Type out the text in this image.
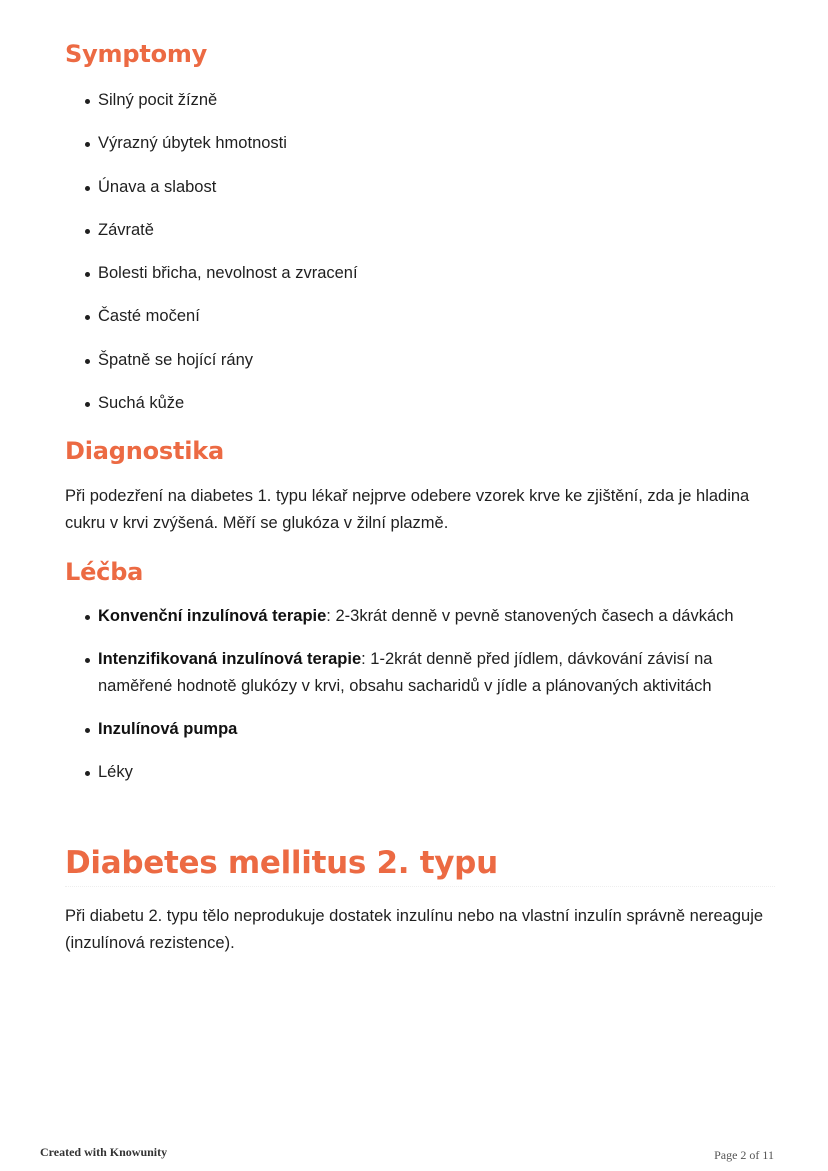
Symptomy
Silný pocit žízně
Výrazný úbytek hmotnosti
Únava a slabost
Závratě
Bolesti břicha, nevolnost a zvracení
Časté močení
Špatně se hojící rány
Suchá kůže
Diagnostika

Při podezření na diabetes 1. typu lékař nejprve odebere vzorek krve ke zjištění, zda je hladina cukru v krvi zvýšená. Měří se glukóza v žilní plazmě.

Léčba
Konvenční inzulínová terapie: 2-3krát denně v pevně stanovených časech a dávkách
Intenzifikovaná inzulínová terapie: 1-2krát denně před jídlem, dávkování závisí na naměřené hodnotě glukózy v krvi, obsahu sacharidů v jídle a plánovaných aktivitách
Inzulínová pumpa
Léky
Diabetes mellitus 2. typu

Při diabetu 2. typu tělo neprodukuje dostatek inzulínu nebo na vlastní inzulín správně nereaguje (inzulínová rezistence).

Created with Knowunity	Page 2 of 11
